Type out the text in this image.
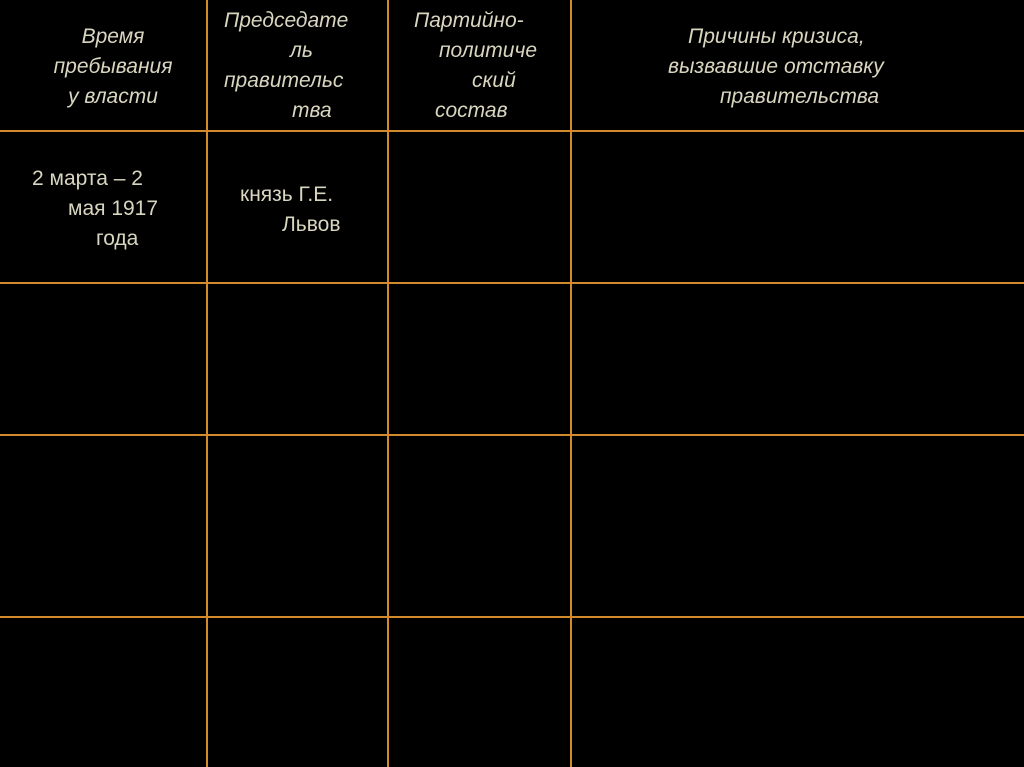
Время
пребывания
у власти
Председате
ль
правительс
тва
Партийно-
политиче
ский
состав
Причины кризиса,
вызвавшие отставку
правительства
2 марта – 2
мая 1917
года
князь Г.Е.
Львов
